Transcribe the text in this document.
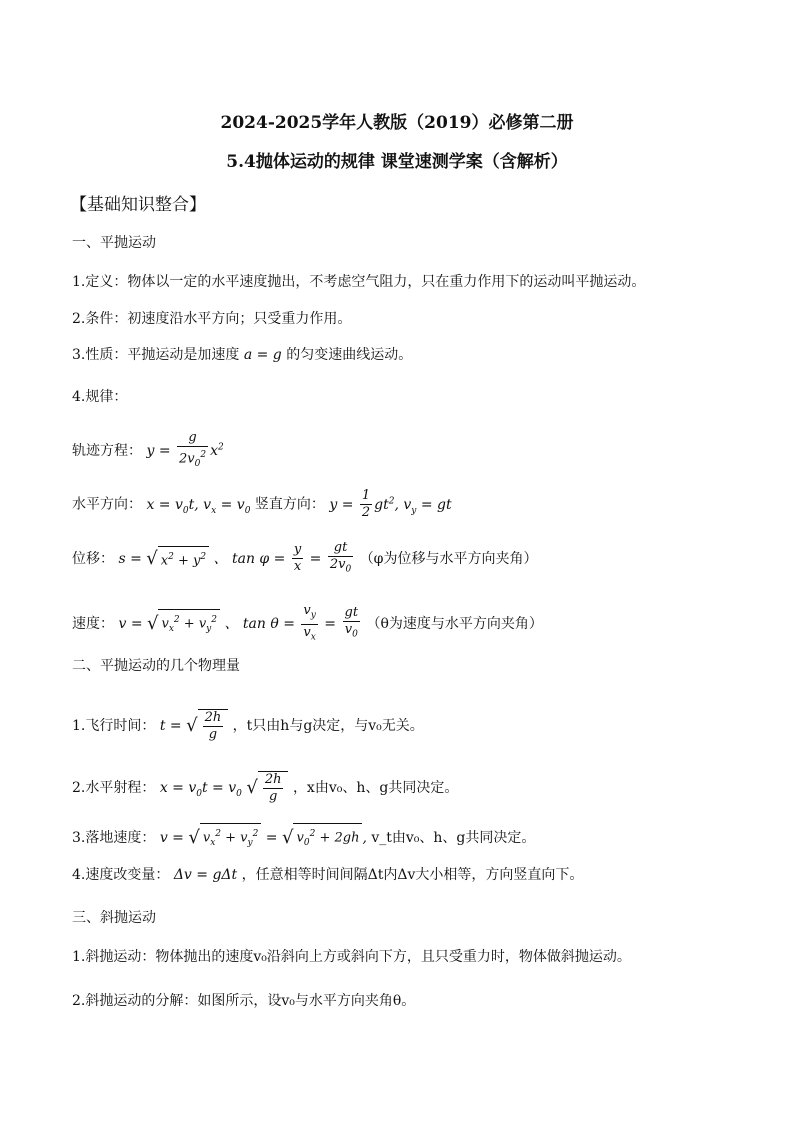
2024-2025学年人教版（2019）必修第二册
5.4抛体运动的规律 课堂速测学案（含解析）
【基础知识整合】
一、平抛运动
1.定义：物体以一定的水平速度抛出，不考虑空气阻力，只在重力作用下的运动叫平抛运动。
2.条件：初速度沿水平方向；只受重力作用。
3.性质：平抛运动是加速度 a = g 的匀变速曲线运动。
4.规律：
轨迹方程： $y = \frac{g}{2v_0^2} x^2$
水平方向： $x = v_0t$, $v_x = v_0$ 竖直方向： $y = \frac{1}{2} gt^2$, $v_y$ = gt
位移： s = √ $x^2 + y^2$ 、 $\tan \varphi = \frac{y}{x} = \frac{gt}{2v_0} (\varphi$为位移与水平方向夹角）
速度： v = √ $v_x^2 + v_y^2$ 、 $\tan \theta = \frac{v_y}{v_x} = \frac{gt}{v_0} (\theta$为速度与水平方向夹角）
二、平抛运动的几个物理量
1.飞行时间： t = √ $\frac{2h}{g}$ ，t只由h与g决定，与v₀无关。
2.水平射程： $x = v_0t = v_0$ √ $\frac{2h}{g}$ ，x由v₀、h、g共同决定。
3.落地速度： v = √ $v_x^2 + v_y^2$ = √ $v_0^2 + 2gh$ , v_t由v₀、h、g共同决定。
4.速度改变量： Δv = gΔt ，任意相等时间间隔Δt内Δv大小相等，方向竖直向下。
三、斜抛运动
1.斜抛运动：物体抛出的速度v₀沿斜向上方或斜向下方，且只受重力时，物体做斜抛运动。
2.斜抛运动的分解：如图所示，设v₀与水平方向夹角θ。
